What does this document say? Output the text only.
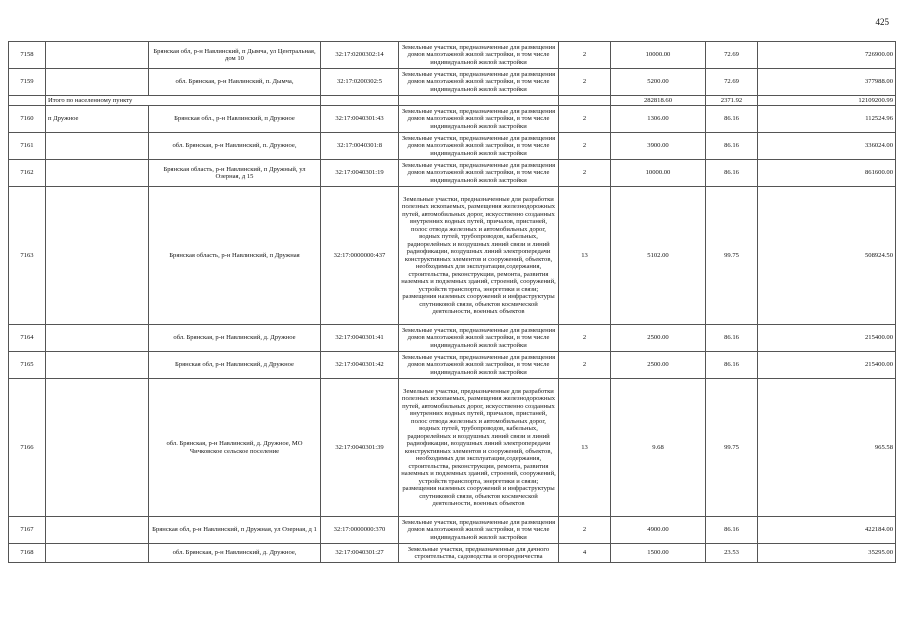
425
7158		Брянская обл, р-н Навлинский, п Дымча, ул Центральная, дом 10	32:17:0200302:14	Земельные участки, предназначенные для размещения домов малоэтажной жилой застройки, в том числе индивидуальной жилой застройки	2	10000.00	72.69	726900.00
7159		обл. Брянская, р-н Навлинский, п. Дымча,	32:17:0200302:5	Земельные участки, предназначенные для размещения домов малоэтажной жилой застройки, в том числе индивидуальной жилой застройки	2	5200.00	72.69	377988.00
	Итого по населенному пункту					282818.60	2371.92	12109200.99
7160	п Дружное	Брянская обл., р-н Навлинский, п Дружное	32:17:0040301:43	Земельные участки, предназначенные для размещения домов малоэтажной жилой застройки, в том числе индивидуальной жилой застройки	2	1306.00	86.16	112524.96
7161		обл. Брянская, р-н Навлинский, п. Дружное,	32:17:0040301:8	Земельные участки, предназначенные для размещения домов малоэтажной жилой застройки, в том числе индивидуальной жилой застройки	2	3900.00	86.16	336024.00
7162		Брянская область, р-н Навлинский, п Дружный, ул Озерная, д 15	32:17:0040301:19	Земельные участки, предназначенные для размещения домов малоэтажной жилой застройки, в том числе индивидуальной жилой застройки	2	10000.00	86.16	861600.00
7163		Брянская область, р-н Навлинский, п Дружная	32:17:0000000:437	Земельные участки, предназначенные для разработки полезных ископаемых, размещения железнодорожных путей, автомобильных дорог, искусственно созданных внутренних водных путей, причалов, пристаней, полос отвода железных и автомобильных дорог, водных путей, трубопроводов, кабельных, радиорелейных и воздушных линий связи и линий радиофикации, воздушных линий электропередачи конструктивных элементов и сооружений, объектов, необходимых для эксплуатации,содержания, строительства, реконструкции, ремонта, развития наземных и подземных зданий, строений, сооружений, устройств транспорта, энергетики и связи; размещения наземных сооружений и инфраструктуры спутниковой связи, объектов космической деятельности, военных объектов	13	5102.00	99.75	508924.50
7164		обл. Брянская, р-н Навлинский, д. Дружное	32:17:0040301:41	Земельные участки, предназначенные для размещения домов малоэтажной жилой застройки, в том числе индивидуальной жилой застройки	2	2500.00	86.16	215400.00
7165		Брянская обл, р-н Навлинский, д Дружное	32:17:0040301:42	Земельные участки, предназначенные для размещения домов малоэтажной жилой застройки, в том числе индивидуальной жилой застройки	2	2500.00	86.16	215400.00
7166		обл. Брянская, р-н Навлинский, д. Дружное, МО Чичковское сельское поселение	32:17:0040301:39	Земельные участки, предназначенные для разработки полезных ископаемых, размещения железнодорожных путей, автомобильных дорог, искусственно созданных внутренних водных путей, причалов, пристаней, полос отвода железных и автомобильных дорог, водных путей, трубопроводов, кабельных, радиорелейных и воздушных линий связи и линий радиофикации, воздушных линий электропередачи конструктивных элементов и сооружений, объектов, необходимых для эксплуатации,содержания, строительства, реконструкции, ремонта, развития наземных и подземных зданий, строений, сооружений, устройств транспорта, энергетики и связи; размещения наземных сооружений и инфраструктуры спутниковой связи, объектов космической деятельности, военных объектов	13	9.68	99.75	965.58
7167		Брянская обл, р-н Навлинский, п Дружная, ул Озерная, д 1	32:17:0000000:370	Земельные участки, предназначенные для размещения домов малоэтажной жилой застройки, в том числе индивидуальной жилой застройки	2	4900.00	86.16	422184.00
7168		обл. Брянская, р-н Навлинский, д. Дружное,	32:17:0040301:27	Земельные участки, предназначенные для дачного строительства, садоводства и огородничества	4	1500.00	23.53	35295.00
